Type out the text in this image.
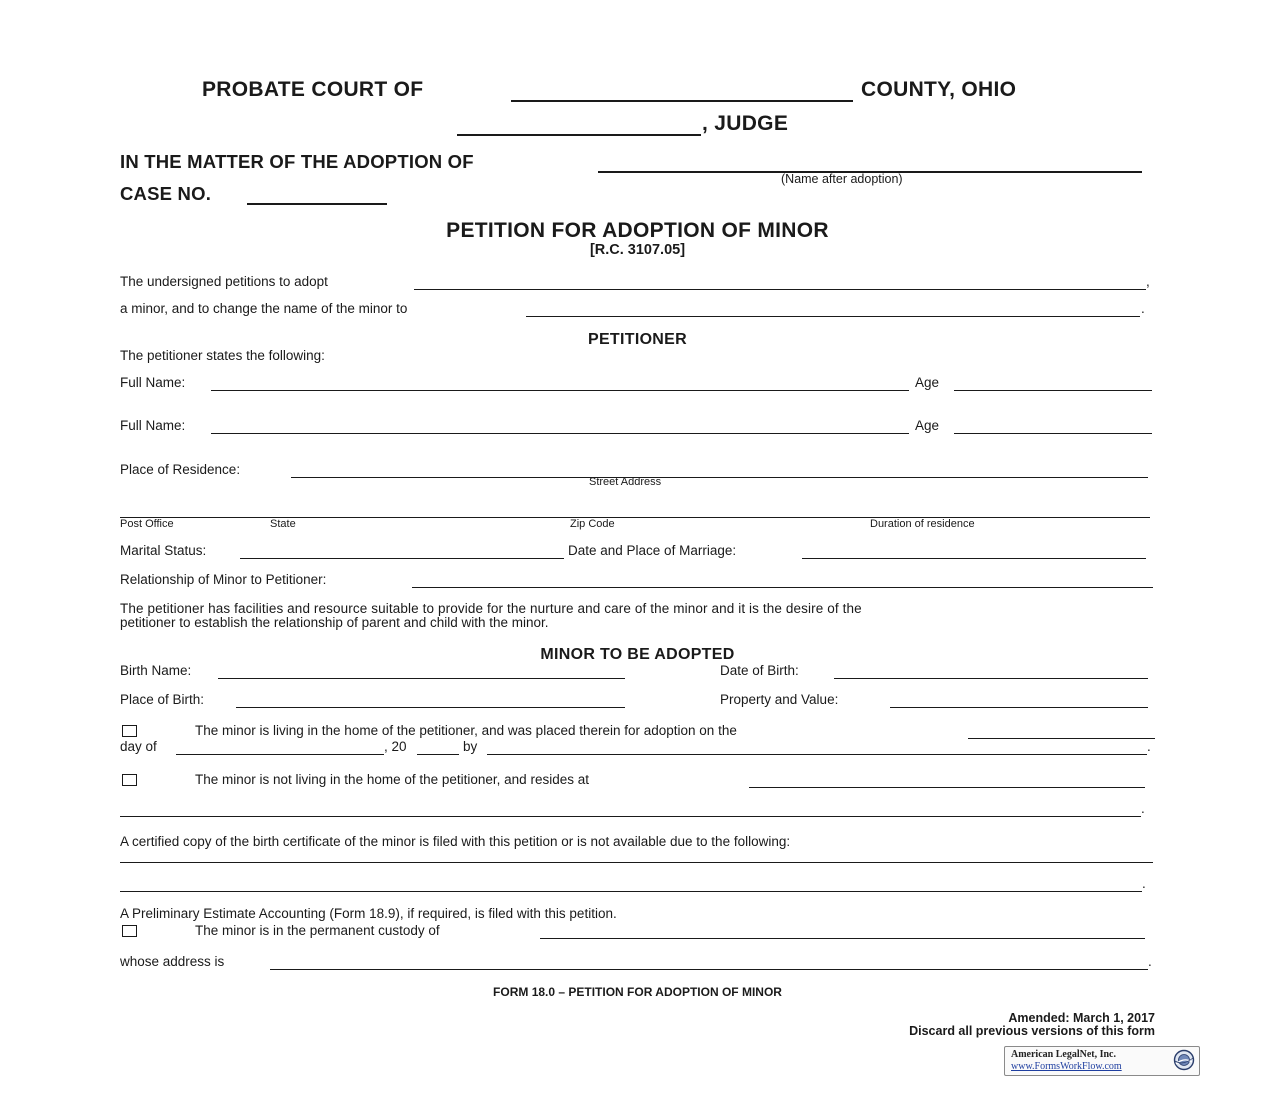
PROBATE COURT OF	COUNTY, OHIO
, JUDGE
IN THE MATTER OF THE ADOPTION OF
(Name after adoption)
CASE NO.
PETITION FOR ADOPTION OF MINOR
[R.C. 3107.05]
The undersigned petitions to adopt	,
a minor, and to change the name of the minor to	.
PETITIONER
The petitioner states the following:
Full Name:	Age
Full Name:	Age
Place of Residence:
Street Address
Post Office	State	Zip Code	Duration of residence
Marital Status:	Date and Place of Marriage:
Relationship of Minor to Petitioner:
The petitioner has facilities and resource suitable to provide for the nurture and care of the minor and it is the desire of the
petitioner to establish the relationship of parent and child with the minor.
MINOR TO BE ADOPTED
Birth Name:	Date of Birth:
Place of Birth:	Property and Value:
The minor is living in the home of the petitioner, and was placed therein for adoption on the
day of	, 20	by	.
The minor is not living in the home of the petitioner, and resides at
.
A certified copy of the birth certificate of the minor is filed with this petition or is not available due to the following:
.
A Preliminary Estimate Accounting (Form 18.9), if required, is filed with this petition.
The minor is in the permanent custody of
whose address is	.
FORM 18.0 – PETITION FOR ADOPTION OF MINOR
Amended: March 1, 2017
Discard all previous versions of this form
American LegalNet, Inc.
www.FormsWorkFlow.com
